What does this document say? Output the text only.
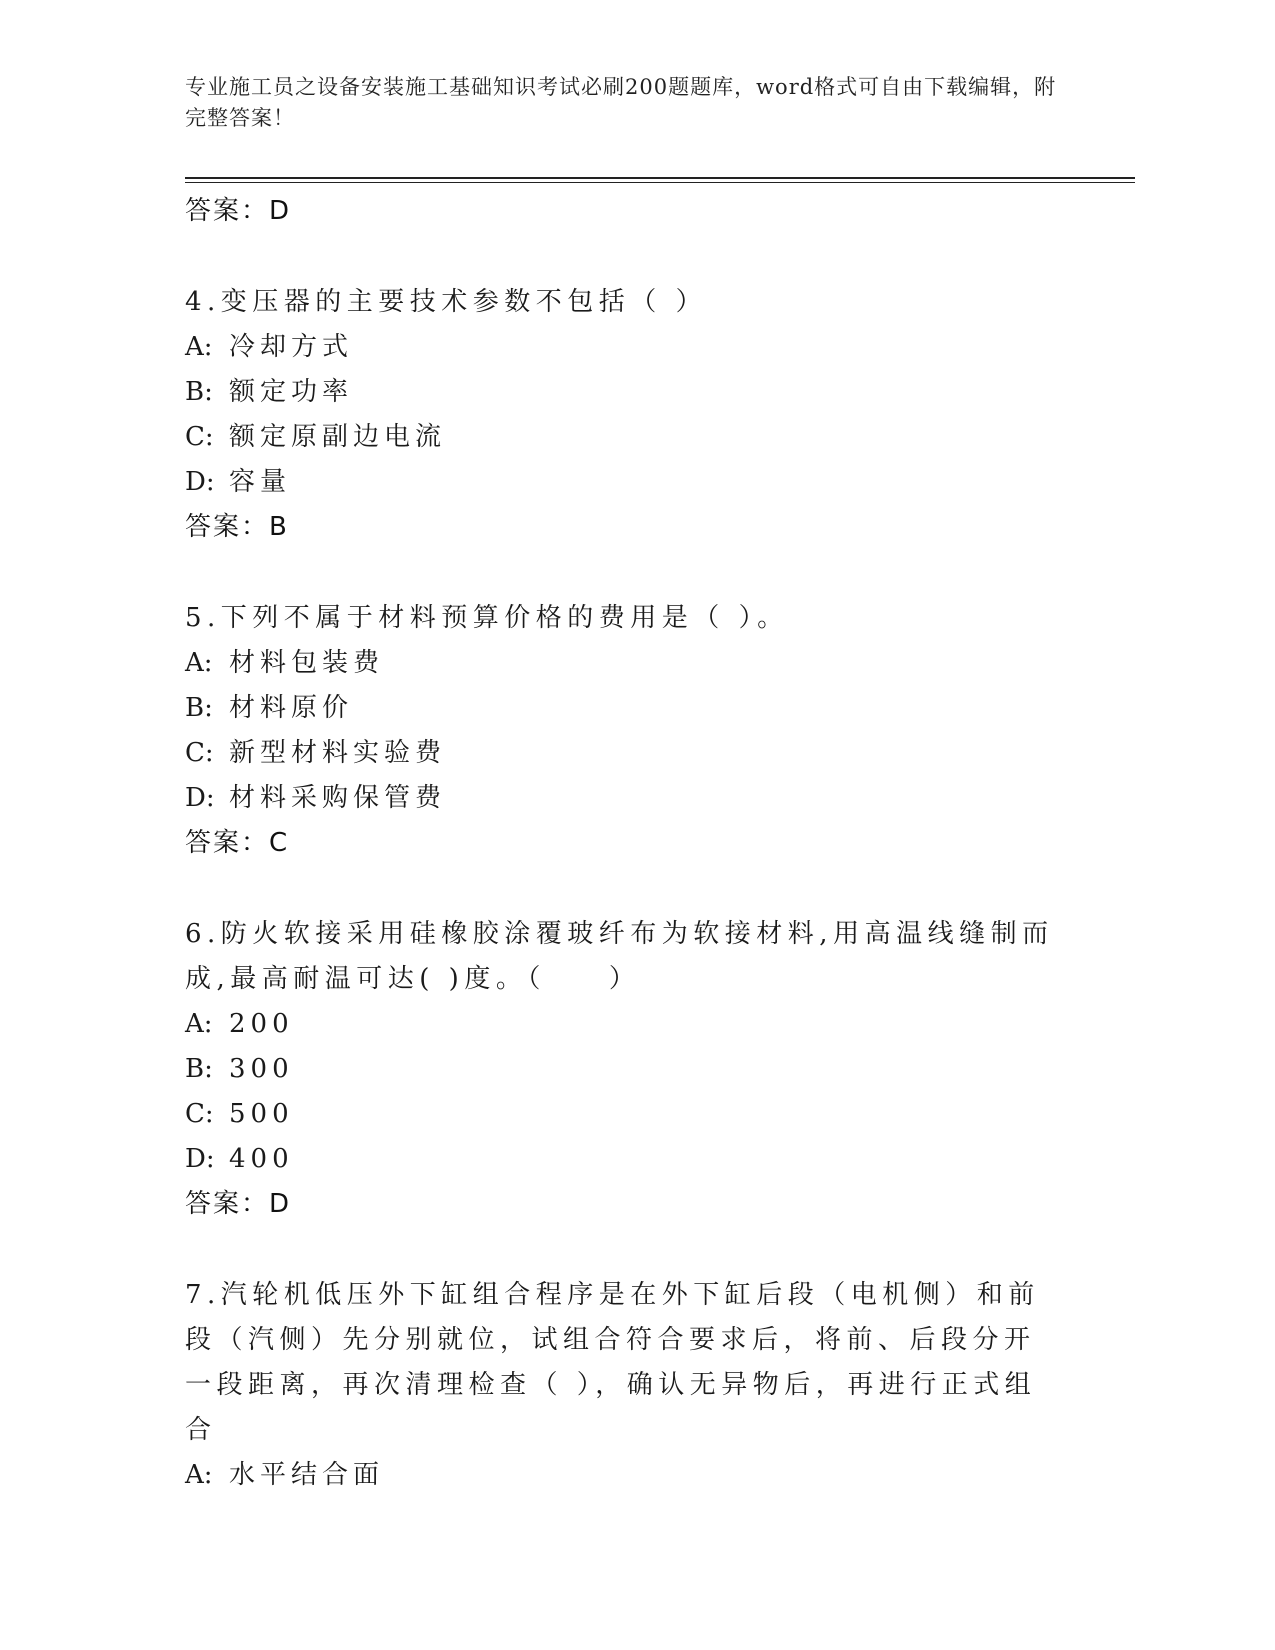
专业施工员之设备安装施工基础知识考试必刷200题题库，word格式可自由下载编辑，附完整答案！
答案：D
4.变压器的主要技术参数不包括（ ）
A: 冷却方式
B: 额定功率
C: 额定原副边电流
D: 容量
答案：B
5.下列不属于材料预算价格的费用是（ ）。
A: 材料包装费
B: 材料原价
C: 新型材料实验费
D: 材料采购保管费
答案：C
6.防火软接采用硅橡胶涂覆玻纤布为软接材料,用高温线缝制而成,最高耐温可达( )度。（　　）
A: 200
B: 300
C: 500
D: 400
答案：D
7.汽轮机低压外下缸组合程序是在外下缸后段（电机侧）和前段（汽侧）先分别就位，试组合符合要求后，将前、后段分开一段距离，再次清理检查（ ），确认无异物后，再进行正式组合
A: 水平结合面
